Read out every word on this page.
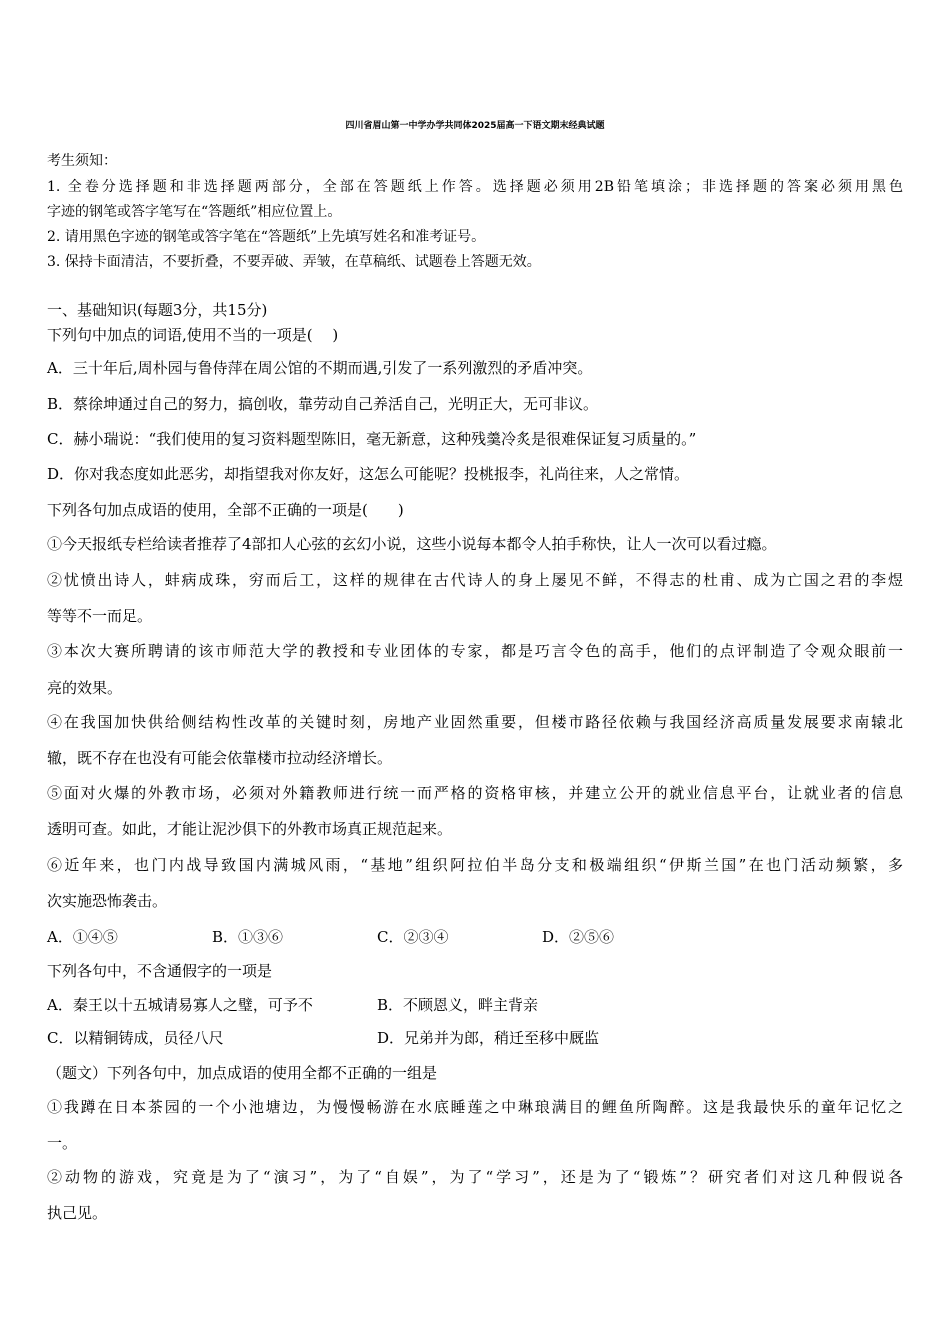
四川省眉山第一中学办学共同体2025届高一下语文期末经典试题
考生须知：
1. 全卷分选择题和非选择题两部分，全部在答题纸上作答。选择题必须用2B铅笔填涂；非选择题的答案必须用黑色
字迹的钢笔或答字笔写在“答题纸”相应位置上。
2. 请用黑色字迹的钢笔或答字笔在“答题纸”上先填写姓名和准考证号。
3. 保持卡面清洁，不要折叠，不要弄破、弄皱，在草稿纸、试题卷上答题无效。
一、基础知识(每题3分，共15分)
下列句中加点的词语,使用不当的一项是(　 )
A．三十年后,周朴园与鲁侍萍在周公馆的不期而遇,引发了一系列激烈的矛盾冲突。
B．蔡徐坤通过自己的努力，搞创收，靠劳动自己养活自己，光明正大，无可非议。
C．赫小瑞说：“我们使用的复习资料题型陈旧，毫无新意，这种残羹冷炙是很难保证复习质量的。”
D．你对我态度如此恶劣，却指望我对你友好，这怎么可能呢？投桃报李，礼尚往来，人之常情。
下列各句加点成语的使用，全部不正确的一项是(　　)
①今天报纸专栏给读者推荐了4部扣人心弦的玄幻小说，这些小说每本都令人拍手称快，让人一次可以看过瘾。
②忧愤出诗人，蚌病成珠，穷而后工，这样的规律在古代诗人的身上屡见不鲜，不得志的杜甫、成为亡国之君的李煜
等等不一而足。
③本次大赛所聘请的该市师范大学的教授和专业团体的专家，都是巧言令色的高手，他们的点评制造了令观众眼前一
亮的效果。
④在我国加快供给侧结构性改革的关键时刻，房地产业固然重要，但楼市路径依赖与我国经济高质量发展要求南辕北
辙，既不存在也没有可能会依靠楼市拉动经济增长。
⑤面对火爆的外教市场，必须对外籍教师进行统一而严格的资格审核，并建立公开的就业信息平台，让就业者的信息
透明可查。如此，才能让泥沙俱下的外教市场真正规范起来。
⑥近年来，也门内战导致国内满城风雨，“基地”组织阿拉伯半岛分支和极端组织“伊斯兰国”在也门活动频繁，多
次实施恐怖袭击。
A．①④⑤	B．①③⑥	C．②③④	D．②⑤⑥
下列各句中，不含通假字的一项是
A．秦王以十五城请易寡人之璧，可予不	B．不顾恩义，畔主背亲
C．以精铜铸成，员径八尺	D．兄弟并为郎，稍迁至移中厩监
（题文）下列各句中，加点成语的使用全都不正确的一组是
①我蹲在日本茶园的一个小池塘边，为慢慢畅游在水底睡莲之中琳琅满目的鲤鱼所陶醉。这是我最快乐的童年记忆之
一。
②动物的游戏，究竟是为了“演习”，为了“自娱”，为了“学习”，还是为了“锻炼”？研究者们对这几种假说各
执己见。
